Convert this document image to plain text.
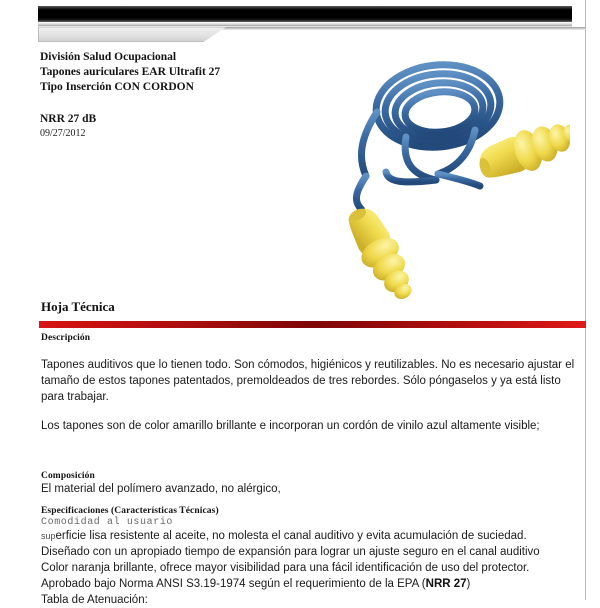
División Salud Ocupacional
Tapones auriculares EAR Ultrafit 27
Tipo Inserción CON CORDON
NRR 27 dB
09/27/2012
Hoja Técnica
Descripción
Tapones auditivos que lo tienen todo. Son cómodos, higiénicos y reutilizables. No es necesario ajustar el tamaño de estos tapones patentados, premoldeados de tres rebordes. Sólo póngaselos y ya está listo para trabajar.
Los tapones son de color amarillo brillante e incorporan un cordón de vinilo azul altamente visible;
Composición
El material del polímero avanzado, no alérgico,
Especificaciones (Características Técnicas)
Comodidad al usuario
superficie lisa resistente al aceite, no molesta el canal auditivo y evita acumulación de suciedad.
Diseñado con un apropiado tiempo de expansión para lograr un ajuste seguro en el canal auditivo
Color naranja brillante, ofrece mayor visibilidad para una fácil identificación de uso del protector.
Aprobado bajo Norma ANSI S3.19-1974 según el requerimiento de la EPA (NRR 27)
Tabla de Atenuación:
